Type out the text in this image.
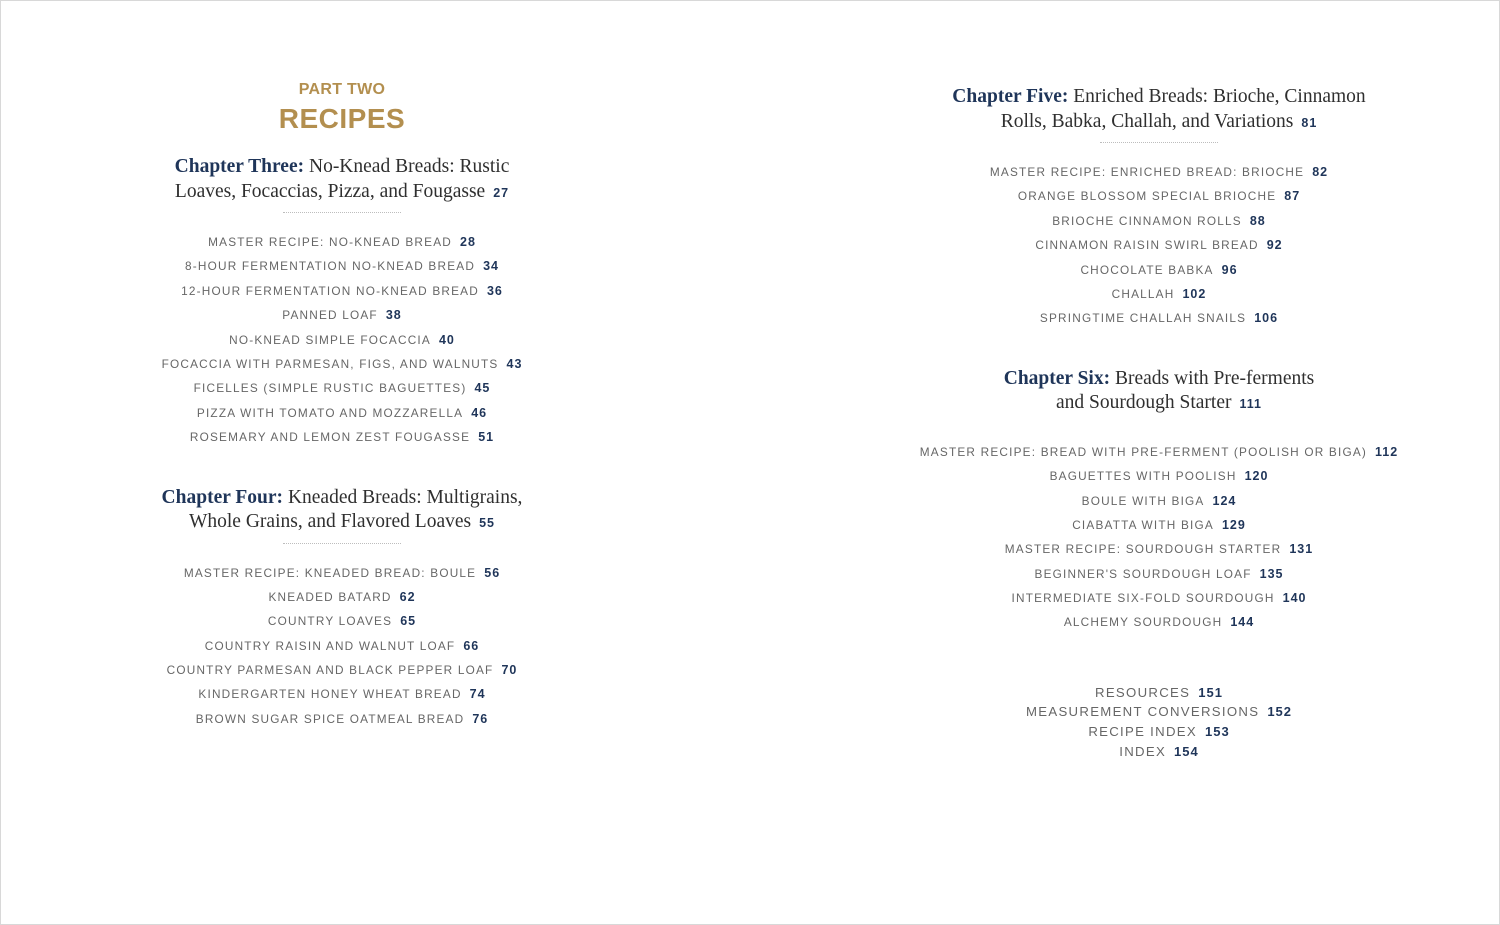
PART TWO
RECIPES
Chapter Three: No-Knead Breads: Rustic
Loaves, Focaccias, Pizza, and Fougasse 27
MASTER RECIPE: NO-KNEAD BREAD 28
8-HOUR FERMENTATION NO-KNEAD BREAD 34
12-HOUR FERMENTATION NO-KNEAD BREAD 36
PANNED LOAF 38
NO-KNEAD SIMPLE FOCACCIA 40
FOCACCIA WITH PARMESAN, FIGS, AND WALNUTS 43
FICELLES (SIMPLE RUSTIC BAGUETTES) 45
PIZZA WITH TOMATO AND MOZZARELLA 46
ROSEMARY AND LEMON ZEST FOUGASSE 51
Chapter Four: Kneaded Breads: Multigrains,
Whole Grains, and Flavored Loaves 55
MASTER RECIPE: KNEADED BREAD: BOULE 56
KNEADED BATARD 62
COUNTRY LOAVES 65
COUNTRY RAISIN AND WALNUT LOAF 66
COUNTRY PARMESAN AND BLACK PEPPER LOAF 70
KINDERGARTEN HONEY WHEAT BREAD 74
BROWN SUGAR SPICE OATMEAL BREAD 76
Chapter Five: Enriched Breads: Brioche, Cinnamon
Rolls, Babka, Challah, and Variations 81
MASTER RECIPE: ENRICHED BREAD: BRIOCHE 82
ORANGE BLOSSOM SPECIAL BRIOCHE 87
BRIOCHE CINNAMON ROLLS 88
CINNAMON RAISIN SWIRL BREAD 92
CHOCOLATE BABKA 96
CHALLAH 102
SPRINGTIME CHALLAH SNAILS 106
Chapter Six: Breads with Pre-ferments
and Sourdough Starter 111
MASTER RECIPE: BREAD WITH PRE-FERMENT (POOLISH OR BIGA) 112
BAGUETTES WITH POOLISH 120
BOULE WITH BIGA 124
CIABATTA WITH BIGA 129
MASTER RECIPE: SOURDOUGH STARTER 131
BEGINNER'S SOURDOUGH LOAF 135
INTERMEDIATE SIX-FOLD SOURDOUGH 140
ALCHEMY SOURDOUGH 144
RESOURCES 151
MEASUREMENT CONVERSIONS 152
RECIPE INDEX 153
INDEX 154
